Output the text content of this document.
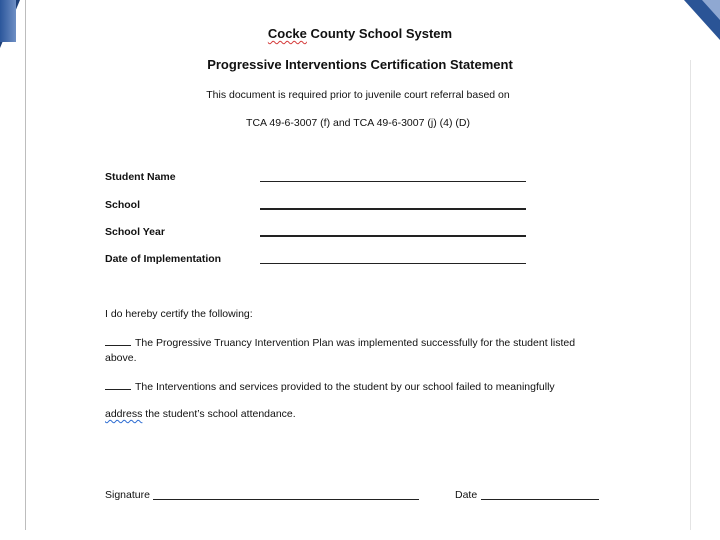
Cocke County School System
Progressive Interventions Certification Statement
This document is required prior to juvenile court referral based on
TCA 49-6-3007 (f) and TCA 49-6-3007 (j) (4) (D)
Student Name
School
School Year
Date of Implementation
I do hereby certify the following:
The Progressive Truancy Intervention Plan was implemented successfully for the student listed
above.
The Interventions and services provided to the student by our school failed to meaningfully
address the student’s school attendance.
Signature	Date
